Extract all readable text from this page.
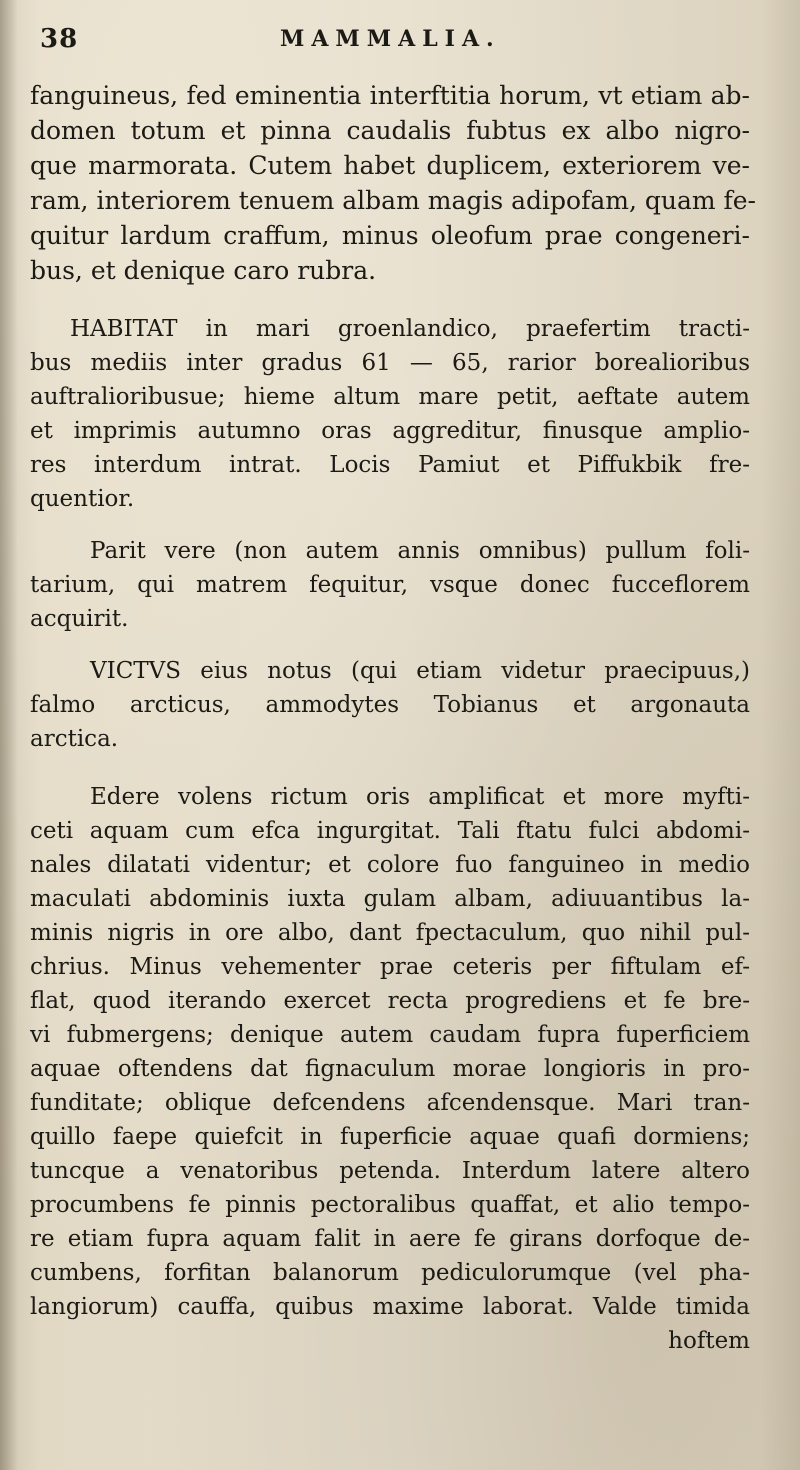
38	MAMMALIA.
fanguineus, fed eminentia interftitia horum, vt etiam ab-
domen totum et pinna caudalis fubtus ex albo nigro-
que marmorata. Cutem habet duplicem, exteriorem ve-
ram, interiorem tenuem albam magis adipofam, quam fe-
quitur lardum craffum, minus oleofum prae congeneri-
bus, et denique caro rubra.
HABITAT in mari groenlandico, praefertim tracti-
bus mediis inter gradus 61 — 65, rarior borealioribus
auftralioribusue; hieme altum mare petit, aeftate autem
et imprimis autumno oras aggreditur, finusque amplio-
res interdum intrat. Locis Pamiut et Piffukbik fre-
quentior.
Parit vere (non autem annis omnibus) pullum foli-
tarium, qui matrem fequitur, vsque donec fucceflorem
acquirit.
VICTVS eius notus (qui etiam videtur praecipuus,)
falmo arcticus, ammodytes Tobianus et argonauta
arctica.
Edere volens rictum oris amplificat et more myfti-
ceti aquam cum efca ingurgitat. Tali ftatu fulci abdomi-
nales dilatati videntur; et colore fuo fanguineo in medio
maculati abdominis iuxta gulam albam, adiuuantibus la-
minis nigris in ore albo, dant fpectaculum, quo nihil pul-
chrius. Minus vehementer prae ceteris per fiftulam ef-
flat, quod iterando exercet recta progrediens et fe bre-
vi fubmergens; denique autem caudam fupra fuperficiem
aquae oftendens dat fignaculum morae longioris in pro-
funditate; oblique defcendens afcendensque. Mari tran-
quillo faepe quiefcit in fuperficie aquae quafi dormiens;
tuncque a venatoribus petenda. Interdum latere altero
procumbens fe pinnis pectoralibus quaffat, et alio tempo-
re etiam fupra aquam falit in aere fe girans dorfoque de-
cumbens, forfitan balanorum pediculorumque (vel pha-
langiorum) cauffa, quibus maxime laborat. Valde timida
hoftem
